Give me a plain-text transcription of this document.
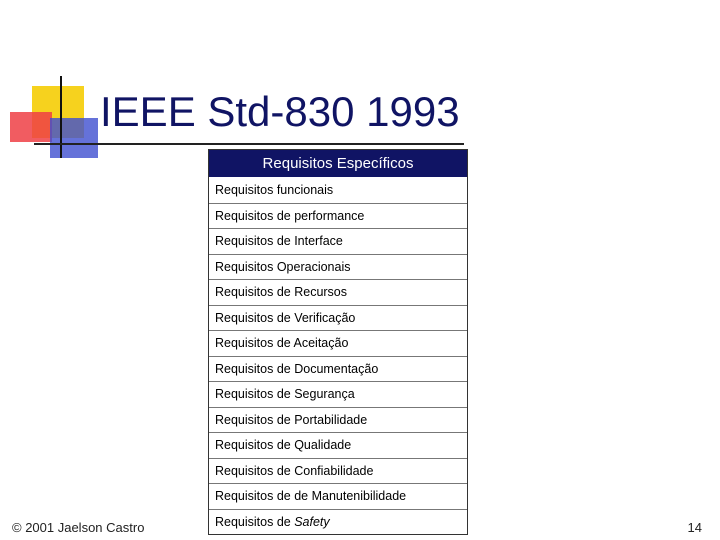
IEEE Std-830 1993
Requisitos Específicos
Requisitos funcionais
Requisitos de performance
Requisitos de Interface
Requisitos Operacionais
Requisitos de Recursos
Requisitos de Verificação
Requisitos de Aceitação
Requisitos de Documentação
Requisitos de Segurança
Requisitos de Portabilidade
Requisitos de Qualidade
Requisitos de Confiabilidade
Requisitos de de Manutenibilidade
Requisitos de Safety
© 2001 Jaelson Castro	14
